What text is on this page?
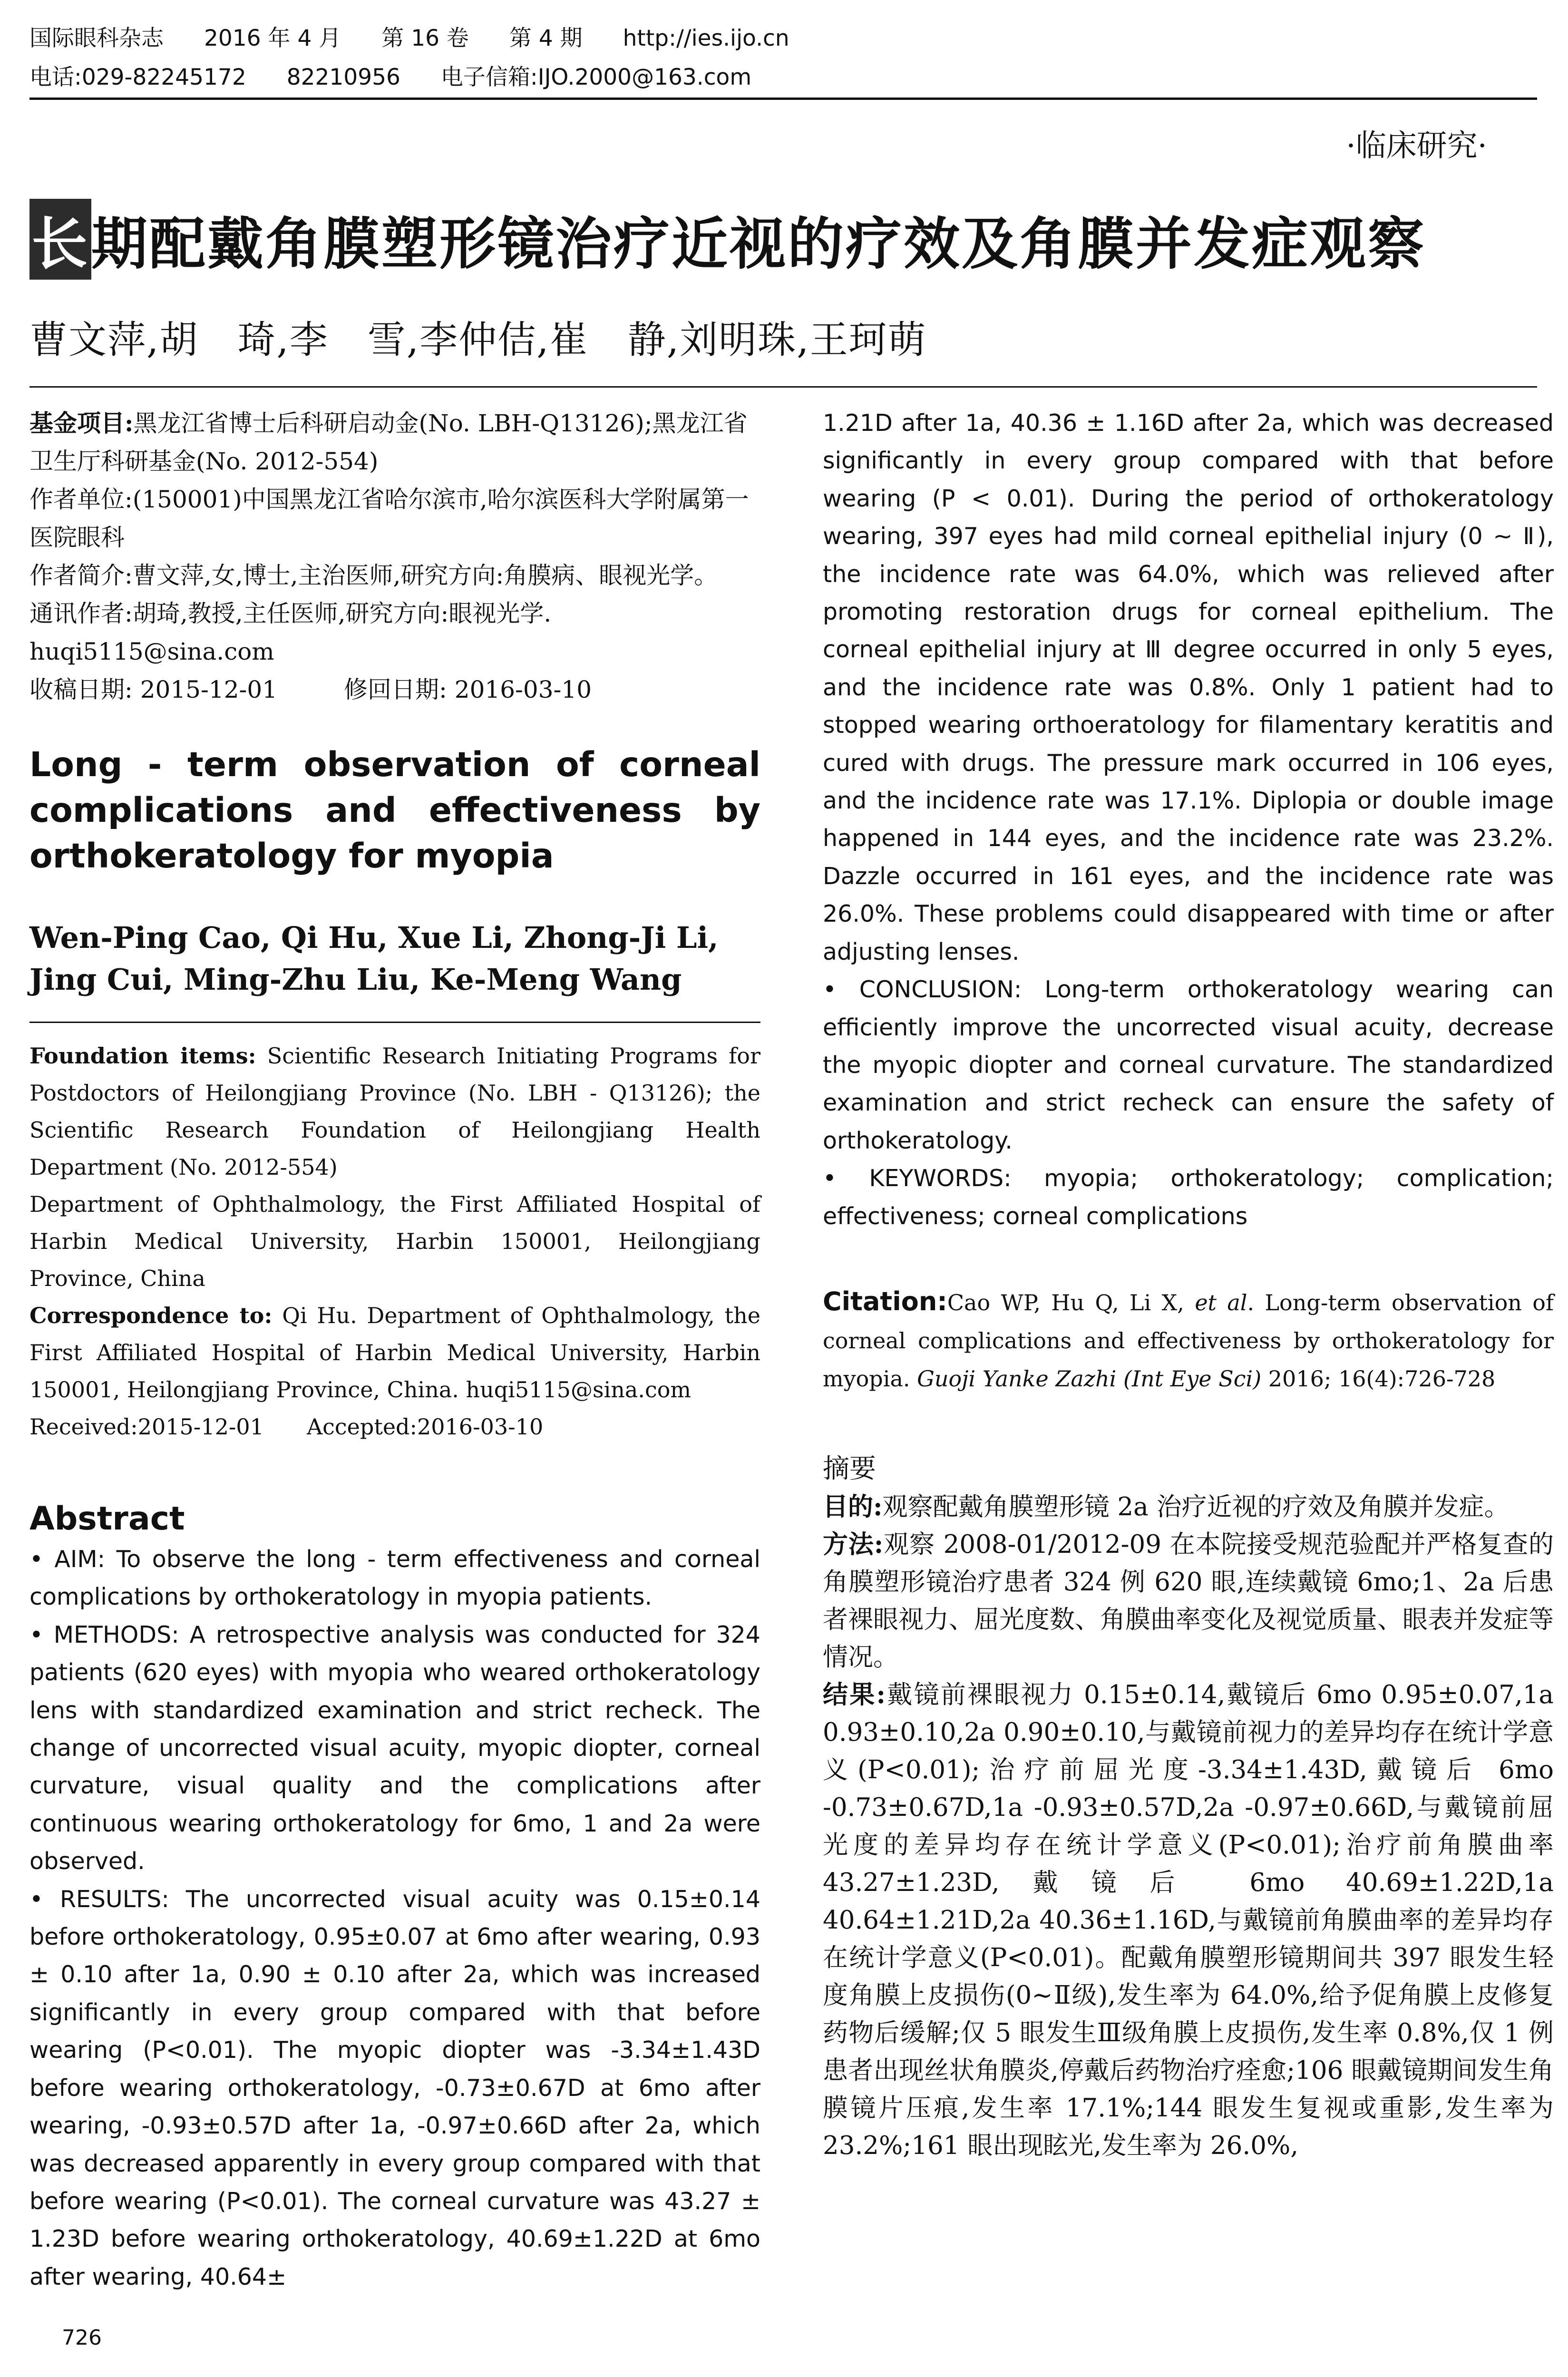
国际眼科杂志 2016 年 4 月 第 16 卷 第 4 期 http://ies.ijo.cn
电话:029-82245172 82210956 电子信箱:IJO.2000@163.com
·临床研究·
长期配戴角膜塑形镜治疗近视的疗效及角膜并发症观察
曹文萍,胡　琦,李　雪,李仲佶,崔　静,刘明珠,王珂萌

基金项目:黑龙江省博士后科研启动金(No. LBH-Q13126);黑龙江省卫生厅科研基金(No. 2012-554)

作者单位:(150001)中国黑龙江省哈尔滨市,哈尔滨医科大学附属第一医院眼科

作者简介:曹文萍,女,博士,主治医师,研究方向:角膜病、眼视光学。

通讯作者:胡琦,教授,主任医师,研究方向:眼视光学. huqi5115@sina.com

收稿日期: 2015-12-01	修回日期: 2016-03-10

Long - term observation of corneal complications and effectiveness by orthokeratology for myopia
Wen-Ping Cao, Qi Hu, Xue Li, Zhong-Ji Li, Jing Cui, Ming-Zhu Liu, Ke-Meng Wang

Foundation items: Scientific Research Initiating Programs for Postdoctors of Heilongjiang Province (No. LBH - Q13126); the Scientific Research Foundation of Heilongjiang Health Department (No. 2012-554)

Department of Ophthalmology, the First Affiliated Hospital of Harbin Medical University, Harbin 150001, Heilongjiang Province, China

Correspondence to: Qi Hu. Department of Ophthalmology, the First Affiliated Hospital of Harbin Medical University, Harbin 150001, Heilongjiang Province, China. huqi5115@sina.com

Received:2015-12-01 Accepted:2016-03-10

Abstract

• AIM: To observe the long - term effectiveness and corneal complications by orthokeratology in myopia patients.

• METHODS: A retrospective analysis was conducted for 324 patients (620 eyes) with myopia who weared orthokeratology lens with standardized examination and strict recheck. The change of uncorrected visual acuity, myopic diopter, corneal curvature, visual quality and the complications after continuous wearing orthokeratology for 6mo, 1 and 2a were observed.

• RESULTS: The uncorrected visual acuity was 0.15±0.14 before orthokeratology, 0.95±0.07 at 6mo after wearing, 0.93 ± 0.10 after 1a, 0.90 ± 0.10 after 2a, which was increased significantly in every group compared with that before wearing (P<0.01). The myopic diopter was -3.34±1.43D before wearing orthokeratology, -0.73±0.67D at 6mo after wearing, -0.93±0.57D after 1a, -0.97±0.66D after 2a, which was decreased apparently in every group compared with that before wearing (P<0.01). The corneal curvature was 43.27 ± 1.23D before wearing orthokeratology, 40.69±1.22D at 6mo after wearing, 40.64±

1.21D after 1a, 40.36 ± 1.16D after 2a, which was decreased significantly in every group compared with that before wearing (P < 0.01). During the period of orthokeratology wearing, 397 eyes had mild corneal epithelial injury (0 ~ Ⅱ), the incidence rate was 64.0%, which was relieved after promoting restoration drugs for corneal epithelium. The corneal epithelial injury at Ⅲ degree occurred in only 5 eyes, and the incidence rate was 0.8%. Only 1 patient had to stopped wearing orthoeratology for filamentary keratitis and cured with drugs. The pressure mark occurred in 106 eyes, and the incidence rate was 17.1%. Diplopia or double image happened in 144 eyes, and the incidence rate was 23.2%. Dazzle occurred in 161 eyes, and the incidence rate was 26.0%. These problems could disappeared with time or after adjusting lenses.

• CONCLUSION: Long-term orthokeratology wearing can efficiently improve the uncorrected visual acuity, decrease the myopic diopter and corneal curvature. The standardized examination and strict recheck can ensure the safety of orthokeratology.

• KEYWORDS: myopia; orthokeratology; complication; effectiveness; corneal complications

Citation:Cao WP, Hu Q, Li X, et al. Long-term observation of corneal complications and effectiveness by orthokeratology for myopia. Guoji Yanke Zazhi (Int Eye Sci) 2016; 16(4):726-728
摘要

目的:观察配戴角膜塑形镜 2a 治疗近视的疗效及角膜并发症。

方法:观察 2008-01/2012-09 在本院接受规范验配并严格复查的角膜塑形镜治疗患者 324 例 620 眼,连续戴镜 6mo;1、2a 后患者裸眼视力、屈光度数、角膜曲率变化及视觉质量、眼表并发症等情况。

结果:戴镜前裸眼视力 0.15±0.14,戴镜后 6mo 0.95±0.07,1a 0.93±0.10,2a 0.90±0.10,与戴镜前视力的差异均存在统计学意义(P<0.01);治疗前屈光度-3.34±1.43D,戴镜后 6mo -0.73±0.67D,1a -0.93±0.57D,2a -0.97±0.66D,与戴镜前屈光度的差异均存在统计学意义(P<0.01);治疗前角膜曲率 43.27±1.23D,戴镜后 6mo 40.69±1.22D,1a 40.64±1.21D,2a 40.36±1.16D,与戴镜前角膜曲率的差异均存在统计学意义(P<0.01)。配戴角膜塑形镜期间共 397 眼发生轻度角膜上皮损伤(0~Ⅱ级),发生率为 64.0%,给予促角膜上皮修复药物后缓解;仅 5 眼发生Ⅲ级角膜上皮损伤,发生率 0.8%,仅 1 例患者出现丝状角膜炎,停戴后药物治疗痊愈;106 眼戴镜期间发生角膜镜片压痕,发生率 17.1%;144 眼发生复视或重影,发生率为 23.2%;161 眼出现眩光,发生率为 26.0%,

726
